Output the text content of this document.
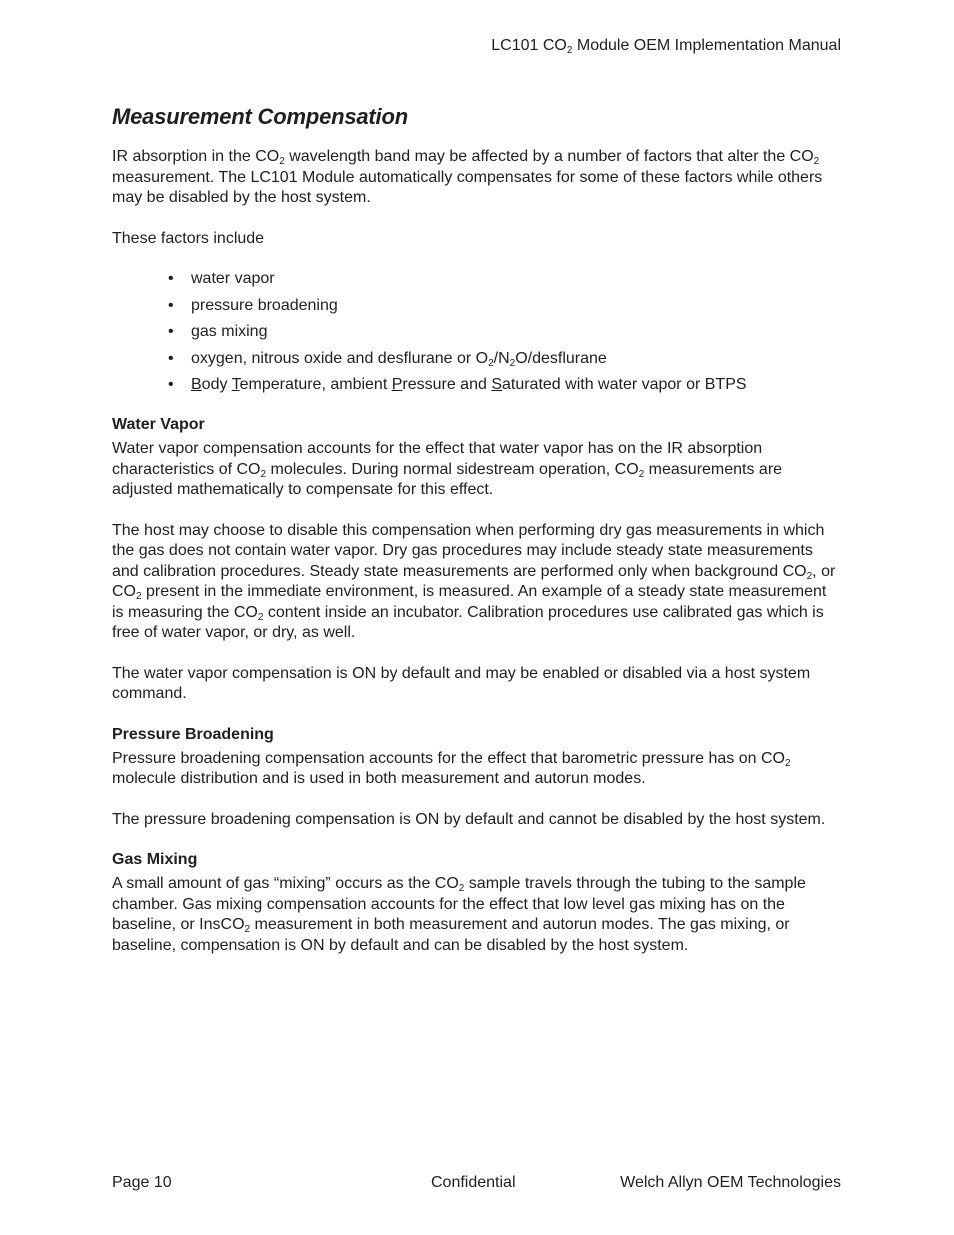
LC101 $CO_2$ Module OEM Implementation Manual
Measurement Compensation

IR absorption in the $CO_2$ wavelength band may be affected by a number of factors that alter the $CO_2$ measurement. The LC101 Module automatically compensates for some of these factors while others may be disabled by the host system.

These factors include

• water vapor
• pressure broadening
• gas mixing
• oxygen, nitrous oxide and desflurane or $O_2/N_2O$/desflurane
• Body Temperature, ambient Pressure and Saturated with water vapor or BTPS
Water Vapor

Water vapor compensation accounts for the effect that water vapor has on the IR absorption characteristics of $CO_2$ molecules. During normal sidestream operation, $CO_2$ measurements are adjusted mathematically to compensate for this effect.

The host may choose to disable this compensation when performing dry gas measurements in which the gas does not contain water vapor. Dry gas procedures may include steady state measurements and calibration procedures. Steady state measurements are performed only when background $CO_2$, or $CO_2$ present in the immediate environment, is measured. An example of a steady state measurement is measuring the $CO_2$ content inside an incubator. Calibration procedures use calibrated gas which is free of water vapor, or dry, as well.

The water vapor compensation is ON by default and may be enabled or disabled via a host system command.

Pressure Broadening

Pressure broadening compensation accounts for the effect that barometric pressure has on $CO_2$ molecule distribution and is used in both measurement and autorun modes.

The pressure broadening compensation is ON by default and cannot be disabled by the host system.

Gas Mixing

A small amount of gas “mixing” occurs as the $CO_2$ sample travels through the tubing to the sample chamber. Gas mixing compensation accounts for the effect that low level gas mixing has on the baseline, or InsCO$_2$ measurement in both measurement and autorun modes. The gas mixing, or baseline, compensation is ON by default and can be disabled by the host system.

Page 10	Confidential	Welch Allyn OEM Technologies
